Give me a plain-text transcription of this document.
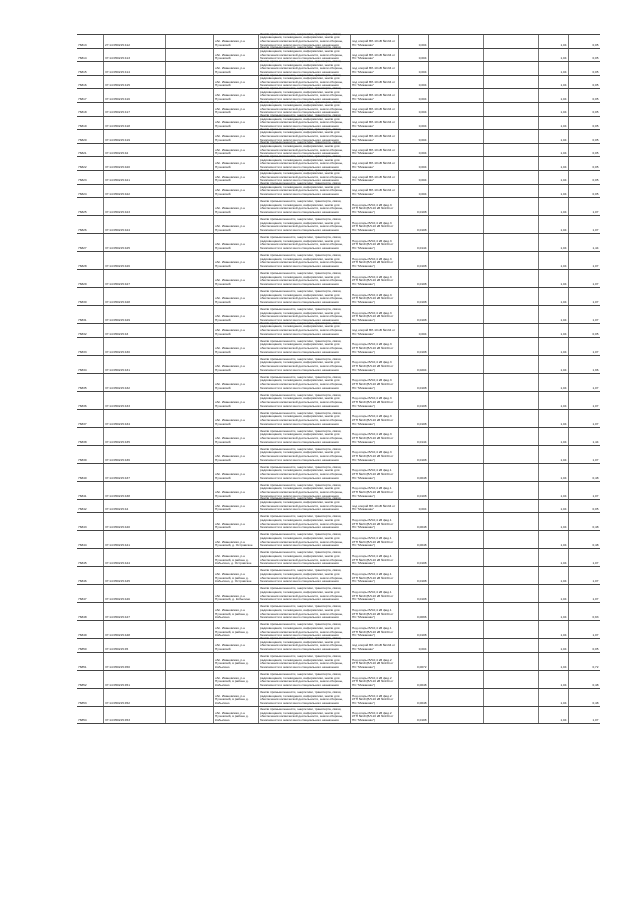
76813	27:14:050215:412
обл. Ивановская, р-н Пучежский
Земли промышленности, энергетики, транспорта, связи, радиовещания, телевидения, информатики, земли для обеспечения космической деятельности, земли обороны, безопасности и земли иного специального назначения
под опорой ВЛ-10 кВ №134 от ПС "Мижаково"	0,004	1,04	0,05
76814	37:14:050215:413
обл. Ивановская, р-н Пучежский
Земли промышленности, энергетики, транспорта, связи, радиовещания, телевидения, информатики, земли для обеспечения космической деятельности, земли обороны, безопасности и земли иного специального назначения
под опорой ВЛ-10 кВ №134 от ПС "Мижаково"	0,004	1,04	0,05
76815	37:14:050215:414
обл. Ивановская, р-н Пучежский
Земли промышленности, энергетики, транспорта, связи, радиовещания, телевидения, информатики, земли для обеспечения космической деятельности, земли обороны, безопасности и земли иного специального назначения
под опорой ВЛ-10 кВ №134 от ПС "Мижаково"	0,004	1,04	0,05
76816	37:14:050215:415
обл. Ивановская, р-н Пучежский
Земли промышленности, энергетики, транспорта, связи, радиовещания, телевидения, информатики, земли для обеспечения космической деятельности, земли обороны, безопасности и земли иного специального назначения
под опорой ВЛ-10 кВ №134 от ПС "Мижаково"	0,004	1,04	0,05
76817	37:14:050215:416
обл. Ивановская, р-н Пучежский
Земли промышленности, энергетики, транспорта, связи, радиовещания, телевидения, информатики, земли для обеспечения космической деятельности, земли обороны, безопасности и земли иного специального назначения
под опорой ВЛ-10 кВ №134 от ПС "Мижаково"	0,004	1,04	0,05
76818	37:14:050215:417
обл. Ивановская, р-н Пучежский
Земли промышленности, энергетики, транспорта, связи, радиовещания, телевидения, информатики, земли для обеспечения космической деятельности, земли обороны, безопасности и земли иного специального назначения
под опорой ВЛ-10 кВ №134 от ПС "Мижаково"	0,004	1,04	0,05
76819	37:14:050215:418
обл. Ивановская, р-н Пучежский
Земли промышленности, энергетики, транспорта, связи, радиовещания, телевидения, информатики, земли для обеспечения космической деятельности, земли обороны, безопасности и земли иного специального назначения
под опорой ВЛ-10 кВ №134 от ПС "Мижаково"	0,004	1,04	0,05
76820	37:14:050215:419
обл. Ивановская, р-н Пучежский
Земли промышленности, энергетики, транспорта, связи, радиовещания, телевидения, информатики, земли для обеспечения космической деятельности, земли обороны, безопасности и земли иного специального назначения
под опорой ВЛ-10 кВ №134 от ПС "Мижаково"	0,004	1,04	0,05
76821	37:14:050215:42
обл. Ивановская, р-н Пучежский
Земли промышленности, энергетики, транспорта, связи, радиовещания, телевидения, информатики, земли для обеспечения космической деятельности, земли обороны, безопасности и земли иного специального назначения
под опорой ВЛ-10 кВ №134 от ПС "Мижаково"	0,004	1,04	0,05
76822	37:14:050215:420
обл. Ивановская, р-н Пучежский
Земли промышленности, энергетики, транспорта, связи, радиовещания, телевидения, информатики, земли для обеспечения космической деятельности, земли обороны, безопасности и земли иного специального назначения
под опорой ВЛ-10 кВ №134 от ПС "Мижаково"	0,004	1,04	0,05
76823	37:14:050215:421
обл. Ивановская, р-н Пучежский
Земли промышленности, энергетики, транспорта, связи, радиовещания, телевидения, информатики, земли для обеспечения космической деятельности, земли обороны, безопасности и земли иного специального назначения
под опорой ВЛ-10 кВ №134 от ПС "Мижаково"	0,004	1,04	0,05
76824	37:14:050215:422
обл. Ивановская, р-н Пучежский
Земли промышленности, энергетики, транспорта, связи, радиовещания, телевидения, информатики, земли для обеспечения космической деятельности, земли обороны, безопасности и земли иного специального назначения
под опорой ВЛ-10 кВ №134 от ПС "Мижаково"	0,004	1,04	0,05
76825	37:14:050215:423
обл. Ивановская, р-н Пучежский
Земли промышленности, энергетики, транспорта, связи, радиовещания, телевидения, информатики, земли для обеспечения космической деятельности, земли обороны, безопасности и земли иного специального назначения
Под опоры ВЛ-0,4 кВ фид.3 КТП №19 (ВЛ-10 кВ №134 от ПС "Мижаково")	0,0108	1,04	1,07
76826	37:14:050215:424
обл. Ивановская, р-н Пучежский
Земли промышленности, энергетики, транспорта, связи, радиовещания, телевидения, информатики, земли для обеспечения космической деятельности, земли обороны, безопасности и земли иного специального назначения
Под опоры ВЛ-0,4 кВ фид.3 КТП №19 (ВЛ-10 кВ №134 от ПС "Мижаково")	0,0108	1,04	1,07
76827	37:14:050215:425
обл. Ивановская, р-н Пучежский
Земли промышленности, энергетики, транспорта, связи, радиовещания, телевидения, информатики, земли для обеспечения космической деятельности, земли обороны, безопасности и земли иного специального назначения
Под опоры ВЛ-0,4 кВ фид.3 КТП №19 (ВЛ-10 кВ №134 от ПС "Мижаково")	0,0144	1,04	1,44
76828	37:14:050215:426
обл. Ивановская, р-н Пучежский
Земли промышленности, энергетики, транспорта, связи, радиовещания, телевидения, информатики, земли для обеспечения космической деятельности, земли обороны, безопасности и земли иного специального назначения
Под опоры ВЛ-0,4 кВ фид.3 КТП №19 (ВЛ-10 кВ №134 от ПС "Мижаково")	0,0108	1,04	1,07
76829	37:14:050215:427
обл. Ивановская, р-н Пучежский
Земли промышленности, энергетики, транспорта, связи, радиовещания, телевидения, информатики, земли для обеспечения космической деятельности, земли обороны, безопасности и земли иного специального назначения
Под опоры ВЛ-0,4 кВ фид.3 КТП №19 (ВЛ-10 кВ №134 от ПС "Мижаково")	0,0108	1,04	1,07
76830	37:14:050215:428
обл. Ивановская, р-н Пучежский
Земли промышленности, энергетики, транспорта, связи, радиовещания, телевидения, информатики, земли для обеспечения космической деятельности, земли обороны, безопасности и земли иного специального назначения
Под опоры ВЛ-0,4 кВ фид.3 КТП №19 (ВЛ-10 кВ №134 от ПС "Мижаково")	0,0108	1,04	1,07
76831	37:14:050215:429
обл. Ивановская, р-н Пучежский
Земли промышленности, энергетики, транспорта, связи, радиовещания, телевидения, информатики, земли для обеспечения космической деятельности, земли обороны, безопасности и земли иного специального назначения
Под опоры ВЛ-0,4 кВ фид.3 КТП №19 (ВЛ-10 кВ №134 от ПС "Мижаково")	0,0108	1,04	1,07
76832	37:14:050215:43
обл. Ивановская, р-н Пучежский
Земли промышленности, энергетики, транспорта, связи, радиовещания, телевидения, информатики, земли для обеспечения космической деятельности, земли обороны, безопасности и земли иного специального назначения
под опорой ВЛ-10 кВ №134 от ПС "Мижаково"	0,004	1,04	0,05
76833	37:14:050215:430
обл. Ивановская, р-н Пучежский
Земли промышленности, энергетики, транспорта, связи, радиовещания, телевидения, информатики, земли для обеспечения космической деятельности, земли обороны, безопасности и земли иного специального назначения
Под опоры ВЛ-0,4 кВ фид.3 КТП №19 (ВЛ-10 кВ №134 от ПС "Мижаково")	0,0108	1,04	1,07
76834	37:14:050215:431
обл. Ивановская, р-н Пучежский
Земли промышленности, энергетики, транспорта, связи, радиовещания, телевидения, информатики, земли для обеспечения космической деятельности, земли обороны, безопасности и земли иного специального назначения
Под опоры ВЛ-0,4 кВ фид.3 КТП №19 (ВЛ-10 кВ №134 от ПС "Мижаково")	0,0204	1,04	1,96
76835	37:14:050215:432
обл. Ивановская, р-н Пучежский
Земли промышленности, энергетики, транспорта, связи, радиовещания, телевидения, информатики, земли для обеспечения космической деятельности, земли обороны, безопасности и земли иного специального назначения
Под опоры ВЛ-0,4 кВ фид.3 КТП №19 (ВЛ-10 кВ №134 от ПС "Мижаково")	0,0108	1,04	1,07
76836	37:14:050215:433
обл. Ивановская, р-н Пучежский
Земли промышленности, энергетики, транспорта, связи, радиовещания, телевидения, информатики, земли для обеспечения космической деятельности, земли обороны, безопасности и земли иного специального назначения
Под опоры ВЛ-0,4 кВ фид.3 КТП №19 (ВЛ-10 кВ №134 от ПС "Мижаково")	0,0108	1,04	1,07
76837	37:14:050215:434
обл. Ивановская, р-н Пучежский
Земли промышленности, энергетики, транспорта, связи, радиовещания, телевидения, информатики, земли для обеспечения космической деятельности, земли обороны, безопасности и земли иного специального назначения
Под опоры ВЛ-0,4 кВ фид.3 КТП №19 (ВЛ-10 кВ №134 от ПС "Мижаково")	0,0108	1,04	1,07
76838	37:14:050215:435
обл. Ивановская, р-н Пучежский
Земли промышленности, энергетики, транспорта, связи, радиовещания, телевидения, информатики, земли для обеспечения космической деятельности, земли обороны, безопасности и земли иного специального назначения
Под опоры ВЛ-0,4 кВ фид.3 КТП №19 (ВЛ-10 кВ №134 от ПС "Мижаково")	0,0144	1,04	1,44
76839	37:14:050215:436
обл. Ивановская, р-н Пучежский
Земли промышленности, энергетики, транспорта, связи, радиовещания, телевидения, информатики, земли для обеспечения космической деятельности, земли обороны, безопасности и земли иного специального назначения
Под опоры ВЛ-0,4 кВ фид.3 КТП №19 (ВЛ-10 кВ №134 от ПС "Мижаково")	0,0108	1,04	1,07
76840	37:14:050215:437
обл. Ивановская, р-н Пучежский
Земли промышленности, энергетики, транспорта, связи, радиовещания, телевидения, информатики, земли для обеспечения космической деятельности, земли обороны, безопасности и земли иного специального назначения
Под опоры ВЛ-0,4 кВ фид.1 КТП №24 (ВЛ-10 кВ №134 от ПС "Мижаково")	0,0048	1,04	0,48
76841	37:14:050215:438
обл. Ивановская, р-н Пучежский
Земли промышленности, энергетики, транспорта, связи, радиовещания, телевидения, информатики, земли для обеспечения космической деятельности, земли обороны, безопасности и земли иного специального назначения
Под опоры ВЛ-0,4 кВ фид.1 КТП №24 (ВЛ-10 кВ №134 от ПС "Мижаково")	0,0108	1,04	1,07
76842	37:14:050215:44
обл. Ивановская, р-н Пучежский
Земли промышленности, энергетики, транспорта, связи, радиовещания, телевидения, информатики, земли для обеспечения космической деятельности, земли обороны, безопасности и земли иного специального назначения
под опорой ВЛ-10 кВ №134 от ПС "Мижаково"	0,004	1,04	0,05
76843	37:14:050215:440
обл. Ивановская, р-н Пучежский
Земли промышленности, энергетики, транспорта, связи, радиовещания, телевидения, информатики, земли для обеспечения космической деятельности, земли обороны, безопасности и земли иного специального назначения
Под опоры ВЛ-0,4 кВ фид.1 КТП №24 (ВЛ-10 кВ №134 от ПС "Мижаково")	0,0048	1,04	0,48
76844	37:14:050215:441
обл. Ивановская, р-н Пучежский, д. Островское
Земли промышленности, энергетики, транспорта, связи, радиовещания, телевидения, информатики, земли для обеспечения космической деятельности, земли обороны, безопасности и земли иного специального назначения
Под опоры ВЛ-0,4 кВ фид.1 КТП №24 (ВЛ-10 кВ №134 от ПС "Мижаково")	0,0048	1,04	0,48
76845	37:14:050215:444
обл. Ивановская, р-н Пучежский, в районе д. Кобылино, д. Островское
Земли промышленности, энергетики, транспорта, связи, радиовещания, телевидения, информатики, земли для обеспечения космической деятельности, земли обороны, безопасности и земли иного специального назначения
Под опоры ВЛ-0,4 кВ фид.1 КТП №24 (ВЛ-10 кВ №134 от ПС "Мижаково")	0,0108	1,04	1,07
76846	37:14:050215:445
обл. Ивановская, р-н Пучежский, в районе д. Кобылино, д. Островское
Земли промышленности, энергетики, транспорта, связи, радиовещания, телевидения, информатики, земли для обеспечения космической деятельности, земли обороны, безопасности и земли иного специального назначения
Под опоры ВЛ-0,4 кВ фид.1 КТП №24 (ВЛ-10 кВ №134 от ПС "Мижаково")	0,0108	1,04	1,07
76847	37:14:050215:446
обл. Ивановская, р-н Пучежский, д. Кобылино
Земли промышленности, энергетики, транспорта, связи, радиовещания, телевидения, информатики, земли для обеспечения космической деятельности, земли обороны, безопасности и земли иного специального назначения
Под опоры ВЛ-0,4 кВ фид.1 КТП №19 (ВЛ-10 кВ №134 от ПС "Мижаково")	0,0108	1,04	1,07
76848	37:14:050215:447
обл. Ивановская, р-н Пучежский, в районе д. Кобылино
Земли промышленности, энергетики, транспорта, связи, радиовещания, телевидения, информатики, земли для обеспечения космической деятельности, земли обороны, безопасности и земли иного специального назначения
Под опоры ВЛ-0,4 кВ фид.1 КТП №19 (ВЛ-10 кВ №134 от ПС "Мижаково")	0,0096	1,04	0,93
76849	37:14:050215:448
обл. Ивановская, р-н Пучежский, в районе д. Кобылино
Земли промышленности, энергетики, транспорта, связи, радиовещания, телевидения, информатики, земли для обеспечения космической деятельности, земли обороны, безопасности и земли иного специального назначения
Под опоры ВЛ-0,4 кВ фид.1 КТП №19 (ВЛ-10 кВ №134 от ПС "Мижаково")	0,0108	1,04	1,07
76850	37:14:050215:45
обл. Ивановская, р-н Пучежский
Земли промышленности, энергетики, транспорта, связи, радиовещания, телевидения, информатики, земли для обеспечения космической деятельности, земли обороны, безопасности и земли иного специального назначения
под опорой ВЛ-10 кВ №134 от ПС "Мижаково"	0,004	1,04	0,05
76851	37:14:050215:450
обл. Ивановская, р-н Пучежский, в районе д. Кобылино
Земли промышленности, энергетики, транспорта, связи, радиовещания, телевидения, информатики, земли для обеспечения космической деятельности, земли обороны, безопасности и земли иного специального назначения
Под опоры ВЛ-0,4 кВ фид.2 КТП №19 (ВЛ-10 кВ №134 от ПС "Мижаково")	0,0072	1,04	0,72
76852	37:14:050215:451
обл. Ивановская, р-н Пучежский, в районе д. Кобылино
Земли промышленности, энергетики, транспорта, связи, радиовещания, телевидения, информатики, земли для обеспечения космической деятельности, земли обороны, безопасности и земли иного специального назначения
Под опоры ВЛ-0,4 кВ фид.2 КТП №19 (ВЛ-10 кВ №134 от ПС "Мижаково")	0,0048	1,04	0,48
76853	37:14:050215:452
обл. Ивановская, р-н Пучежский, в районе д. Кобылино
Земли промышленности, энергетики, транспорта, связи, радиовещания, телевидения, информатики, земли для обеспечения космической деятельности, земли обороны, безопасности и земли иного специального назначения
Под опоры ВЛ-0,4 кВ фид.2 КТП №19 (ВЛ-10 кВ №134 от ПС "Мижаково")	0,0048	1,04	0,48
76854	37:14:050215:453
обл. Ивановская, р-н Пучежский, в районе д. Кобылино
Земли промышленности, энергетики, транспорта, связи, радиовещания, телевидения, информатики, земли для обеспечения космической деятельности, земли обороны, безопасности и земли иного специального назначения
Под опоры ВЛ-0,4 кВ фид.2 КТП №19 (ВЛ-10 кВ №134 от ПС "Мижаково")	0,0108	1,04	1,07
